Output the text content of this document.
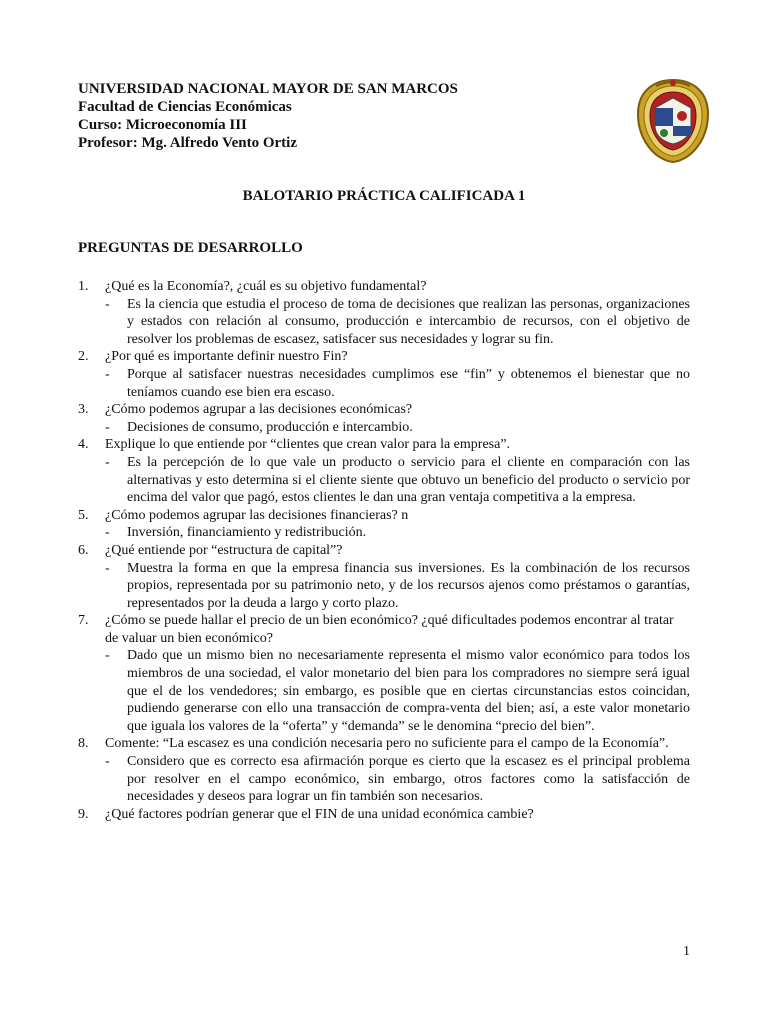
UNIVERSIDAD NACIONAL MAYOR DE SAN MARCOS
Facultad de Ciencias Económicas
Curso: Microeconomía III
Profesor: Mg. Alfredo Vento Ortiz
BALOTARIO PRÁCTICA CALIFICADA 1
PREGUNTAS DE DESARROLLO
1. ¿Qué es la Economía?, ¿cuál es su objetivo fundamental?
- Es la ciencia que estudia el proceso de toma de decisiones que realizan las personas, organizaciones y estados con relación al consumo, producción e intercambio de recursos, con el objetivo de resolver los problemas de escasez, satisfacer sus necesidades y lograr su fin.
2. ¿Por qué es importante definir nuestro Fin?
- Porque al satisfacer nuestras necesidades cumplimos ese “fin” y obtenemos el bienestar que no teníamos cuando ese bien era escaso.
3. ¿Cómo podemos agrupar a las decisiones económicas?
- Decisiones de consumo, producción e intercambio.
4. Explique lo que entiende por “clientes que crean valor para la empresa”.
- Es la percepción de lo que vale un producto o servicio para el cliente en comparación con las alternativas y esto determina si el cliente siente que obtuvo un beneficio del producto o servicio por encima del valor que pagó, estos clientes le dan una gran ventaja competitiva a la empresa.
5. ¿Cómo podemos agrupar las decisiones financieras? n
- Inversión, financiamiento y redistribución.
6. ¿Qué entiende por “estructura de capital”?
- Muestra la forma en que la empresa financia sus inversiones. Es la combinación de los recursos propios, representada por su patrimonio neto, y de los recursos ajenos como préstamos o garantías, representados por la deuda a largo y corto plazo.
7. ¿Cómo se puede hallar el precio de un bien económico? ¿qué dificultades podemos encontrar al tratar de valuar un bien económico?
- Dado que un mismo bien no necesariamente representa el mismo valor económico para todos los miembros de una sociedad, el valor monetario del bien para los compradores no siempre será igual que el de los vendedores; sin embargo, es posible que en ciertas circunstancias estos coincidan, pudiendo generarse con ello una transacción de compra-venta del bien; así, a este valor monetario que iguala los valores de la “oferta” y “demanda” se le denomina “precio del bien”.
8. Comente: “La escasez es una condición necesaria pero no suficiente para el campo de la Economía”.
- Considero que es correcto esa afirmación porque es cierto que la escasez es el principal problema por resolver en el campo económico, sin embargo, otros factores como la satisfacción de necesidades y deseos para lograr un fin también son necesarios.
9. ¿Qué factores podrían generar que el FIN de una unidad económica cambie?
1
